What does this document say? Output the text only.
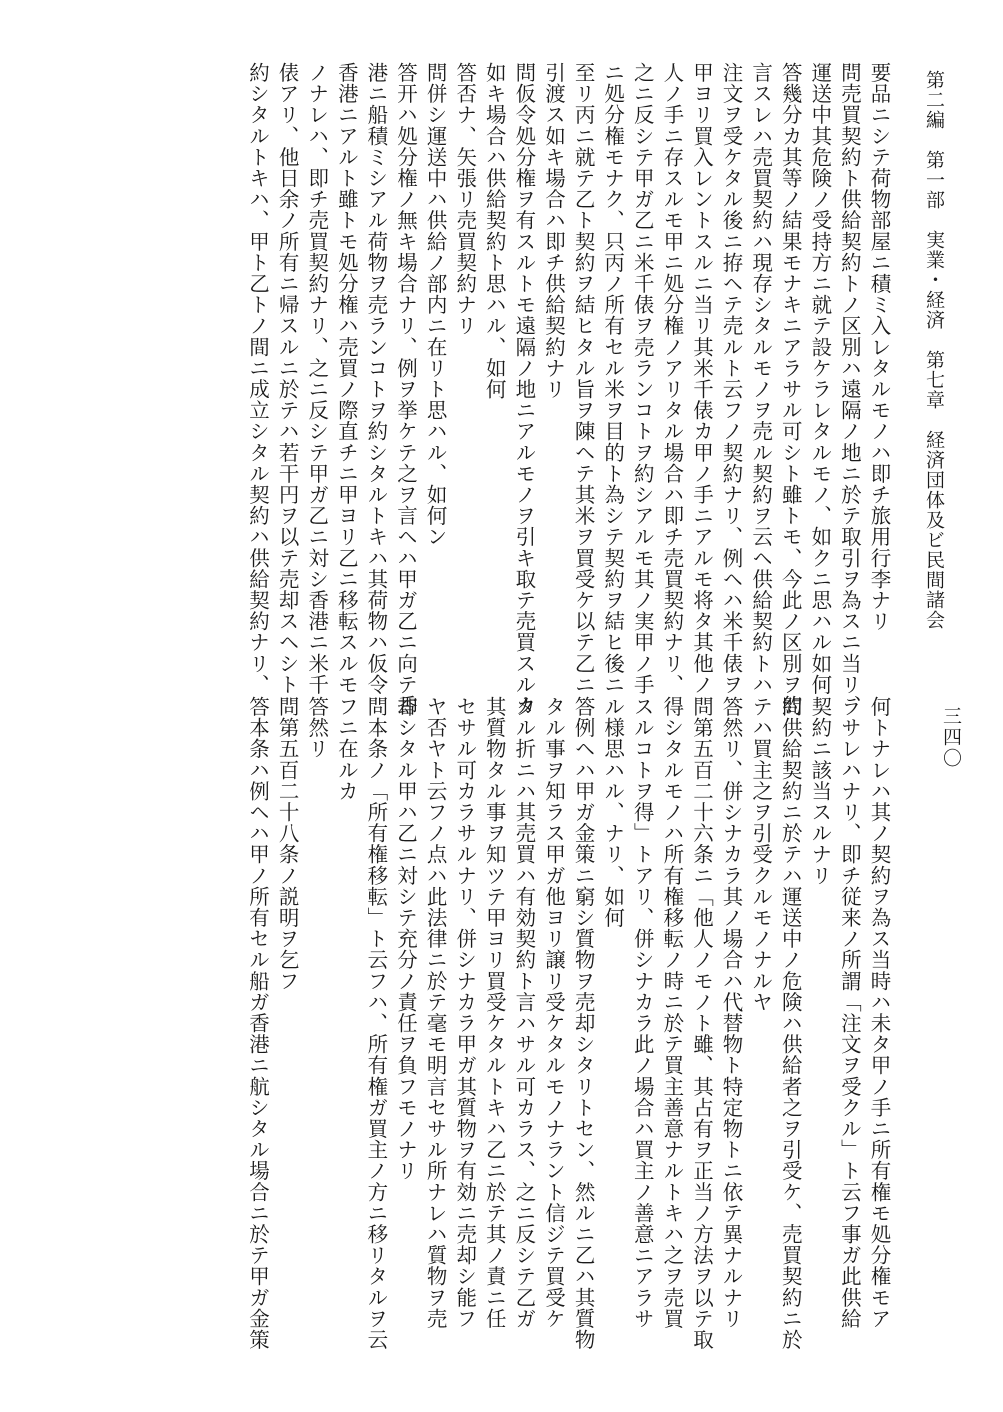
第二編　第一部　実業・経済　第七章　経済団体及ビ民間諸会
三四〇

要品ニシテ荷物部屋ニ積ミ入レタルモノハ即チ旅用行李ナリ

問売買契約ト供給契約トノ区別ハ遠隔ノ地ニ於テ取引ヲ為スニ当リ、

運送中其危険ノ受持方ニ就テ設ケラレタルモノ、如クニ思ハル如何

答幾分カ其等ノ結果モナキニアラサル可シト雖トモ、今此ノ区別ヲ約

言スレハ売買契約ハ現存シタルモノヲ売ル契約ヲ云ヘ供給契約トハ

注文ヲ受ケタル後ニ拵ヘテ売ルト云フノ契約ナリ、例ヘハ米千俵ヲ

甲ヨリ買入レントスルニ当リ其米千俵カ甲ノ手ニアルモ将タ其他ノ

人ノ手ニ存スルモ甲ニ処分権ノアリタル場合ハ即チ売買契約ナリ、

之ニ反シテ甲ガ乙ニ米千俵ヲ売ランコトヲ約シアルモ其ノ実甲ノ手

ニ処分権モナク、只丙ノ所有セル米ヲ目的ト為シテ契約ヲ結ヒ後ニ

至リ丙ニ就テ乙ト契約ヲ結ヒタル旨ヲ陳ヘテ其米ヲ買受ケ以テ乙ニ

引渡ス如キ場合ハ即チ供給契約ナリ

問仮令処分権ヲ有スルトモ遠隔ノ地ニアルモノヲ引キ取テ売買スルカ

如キ場合ハ供給契約ト思ハル、如何

答否ナ、矢張リ売買契約ナリ

問併シ運送中ハ供給ノ部内ニ在リト思ハル、如何ン

答开ハ処分権ノ無キ場合ナリ、例ヲ挙ケテ之ヲ言ヘハ甲ガ乙ニ向テ香

港ニ船積ミシアル荷物ヲ売ランコトヲ約シタルトキハ其荷物ハ仮令

香港ニアルト雖トモ処分権ハ売買ノ際直チニ甲ヨリ乙ニ移転スルモ

ノナレハ、即チ売買契約ナリ、之ニ反シテ甲ガ乙ニ対シ香港ニ米千

俵アリ、他日余ノ所有ニ帰スルニ於テハ若干円ヲ以テ売却スヘシト

約シタルトキハ、甲ト乙トノ間ニ成立シタル契約ハ供給契約ナリ、

何トナレハ其ノ契約ヲ為ス当時ハ未タ甲ノ手ニ所有権モ処分権モア

ラサレハナリ、即チ従来ノ所謂「注文ヲ受クル」ト云フ事ガ此供給

契約ニ該当スルナリ

問供給契約ニ於テハ運送中ノ危険ハ供給者之ヲ引受ケ、売買契約ニ於

テハ買主之ヲ引受クルモノナルヤ

答然リ、併シナカラ其ノ場合ハ代替物ト特定物トニ依テ異ナルナリ

問第五百二十六条ニ「他人ノモノト雖、其占有ヲ正当ノ方法ヲ以テ取

得シタルモノハ所有権移転ノ時ニ於テ買主善意ナルトキハ之ヲ売買

スルコトヲ得」トアリ、併シナカラ此ノ場合ハ買主ノ善意ニアラサ

ル様思ハル、ナリ、如何

答例ヘハ甲ガ金策ニ窮シ質物ヲ売却シタリトセン、然ルニ乙ハ其質物

タル事ヲ知ラス甲ガ他ヨリ譲リ受ケタルモノナラント信ジテ買受ケ

タル折ニハ其売買ハ有効契約ト言ハサル可カラス、之ニ反シテ乙ガ

其質物タル事ヲ知ツテ甲ヨリ買受ケタルトキハ乙ニ於テ其ノ責ニ任

セサル可カラサルナリ、併シナカラ甲ガ其質物ヲ有効ニ売却シ能フ

ヤ否ヤト云フノ点ハ此法律ニ於テ毫モ明言セサル所ナレハ質物ヲ売

却シタル甲ハ乙ニ対シテ充分ノ責任ヲ負フモノナリ

問本条ノ「所有権移転」ト云フハ、所有権ガ買主ノ方ニ移リタルヲ云

フニ在ルカ

答然リ

問第五百二十八条ノ説明ヲ乞フ

答本条ハ例ヘハ甲ノ所有セル船ガ香港ニ航シタル場合ニ於テ甲ガ金策
